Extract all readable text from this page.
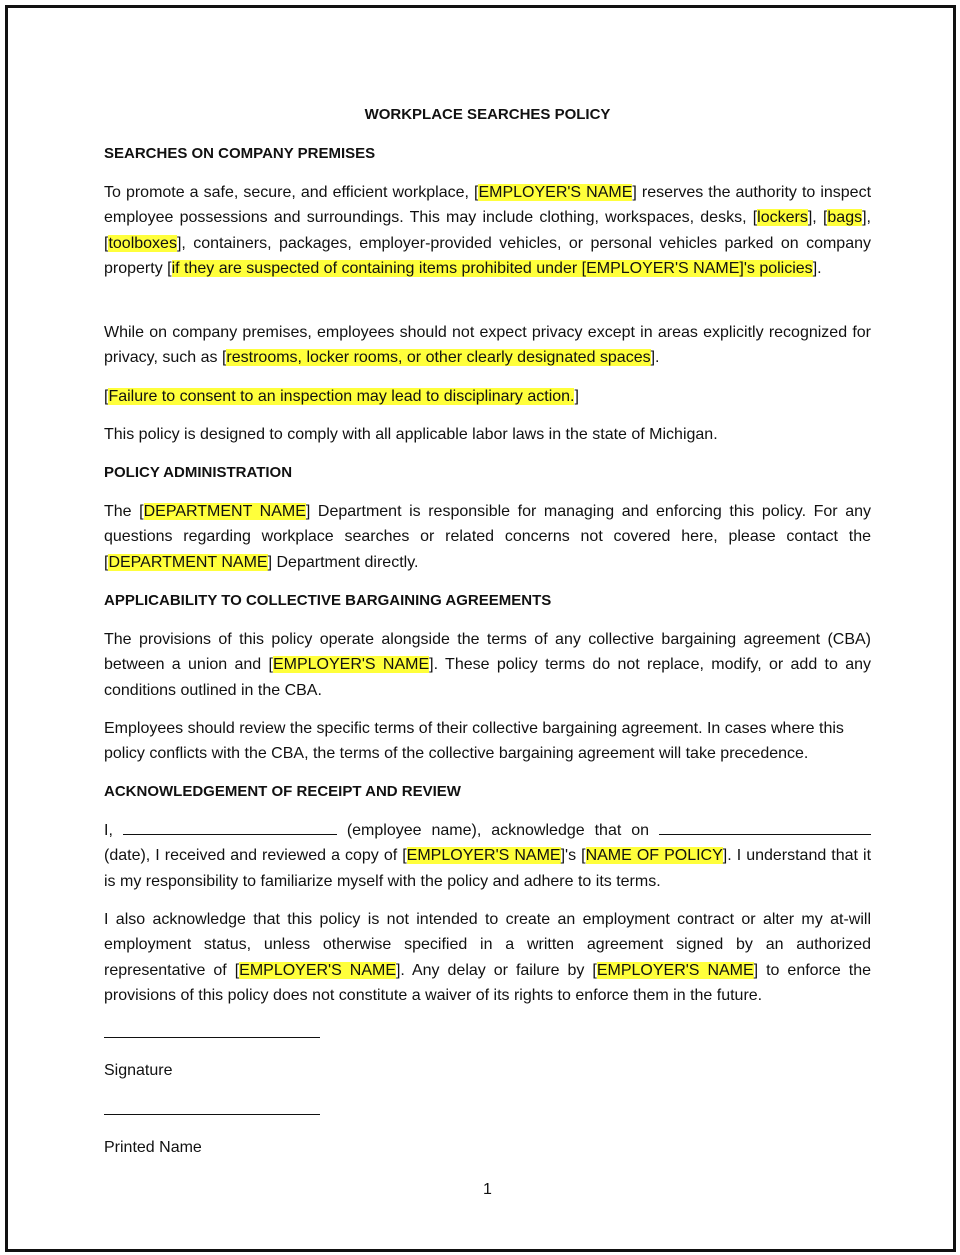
WORKPLACE SEARCHES POLICY
SEARCHES ON COMPANY PREMISES
To promote a safe, secure, and efficient workplace, [EMPLOYER'S NAME] reserves the authority to inspect employee possessions and surroundings. This may include clothing, workspaces, desks, [lockers], [bags], [toolboxes], containers, packages, employer-provided vehicles, or personal vehicles parked on company property [if they are suspected of containing items prohibited under [EMPLOYER'S NAME]'s policies].
While on company premises, employees should not expect privacy except in areas explicitly recognized for privacy, such as [restrooms, locker rooms, or other clearly designated spaces].
[Failure to consent to an inspection may lead to disciplinary action.]
This policy is designed to comply with all applicable labor laws in the state of Michigan.
POLICY ADMINISTRATION
The [DEPARTMENT NAME] Department is responsible for managing and enforcing this policy. For any questions regarding workplace searches or related concerns not covered here, please contact the [DEPARTMENT NAME] Department directly.
APPLICABILITY TO COLLECTIVE BARGAINING AGREEMENTS
The provisions of this policy operate alongside the terms of any collective bargaining agreement (CBA) between a union and [EMPLOYER'S NAME]. These policy terms do not replace, modify, or add to any conditions outlined in the CBA.
Employees should review the specific terms of their collective bargaining agreement. In cases where this policy conflicts with the CBA, the terms of the collective bargaining agreement will take precedence.
ACKNOWLEDGEMENT OF RECEIPT AND REVIEW
I,	(employee name), acknowledge that on  (date), I received and reviewed a copy of [EMPLOYER'S NAME]'s [NAME OF POLICY]. I understand that it is my responsibility to familiarize myself with the policy and adhere to its terms.
I also acknowledge that this policy is not intended to create an employment contract or alter my at-will employment status, unless otherwise specified in a written agreement signed by an authorized representative of [EMPLOYER'S NAME]. Any delay or failure by [EMPLOYER'S NAME] to enforce the provisions of this policy does not constitute a waiver of its rights to enforce them in the future.
Signature
Printed Name
1
